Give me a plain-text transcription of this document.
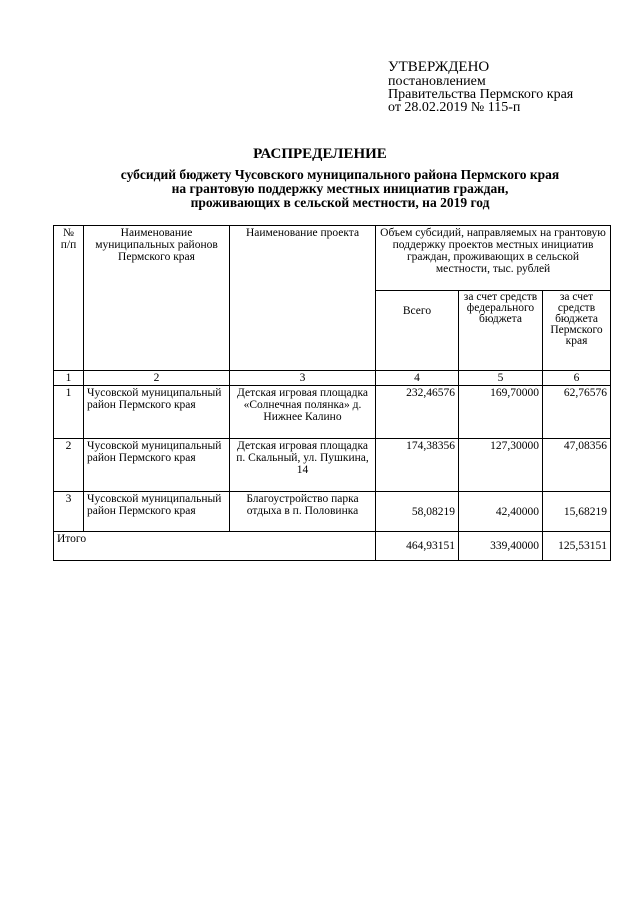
УТВЕРЖДЕНО
постановлением
Правительства Пермского края
от 28.02.2019 № 115-п
РАСПРЕДЕЛЕНИЕ
субсидий бюджету Чусовского муниципального района Пермского края
на грантовую поддержку местных инициатив граждан,
проживающих в сельской местности, на 2019 год
№ п/п	Наименование муниципальных районов Пермского края	Наименование проекта	Объем субсидий, направляемых на грантовую поддержку проектов местных инициатив граждан, проживающих в сельской местности, тыс. рублей		
			Всего	за счет средств федерального бюджета	за счет средств бюджета Пермского края
1	2	3	4	5	6
1	Чусовской муниципальный район Пермского края	Детская игровая площадка «Солнечная полянка» д. Нижнее Калино	232,46576	169,70000	62,76576
2	Чусовской муниципальный район Пермского края	Детская игровая площадка п. Скальный, ул. Пушкина, 14	174,38356	127,30000	47,08356
3	Чусовской муниципальный район Пермского края	Благоустройство парка отдыха в п. Половинка	58,08219	42,40000	15,68219
Итого			464,93151	339,40000	125,53151
